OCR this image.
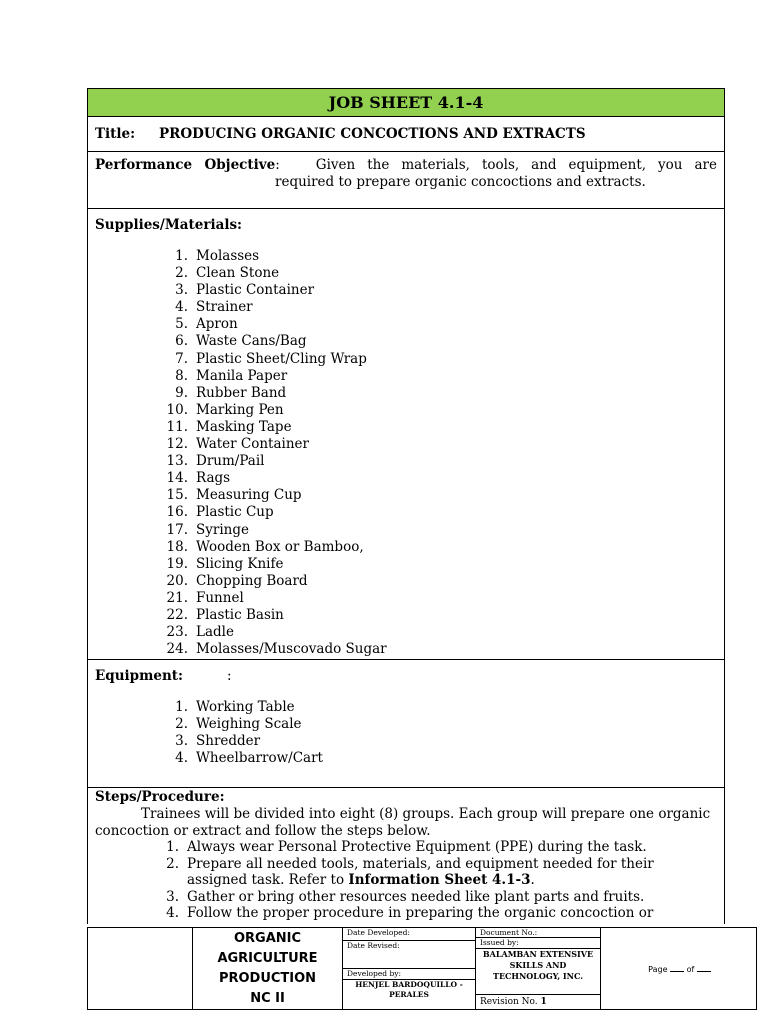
JOB SHEET 4.1-4
Title: PRODUCING ORGANIC CONCOCTIONS AND EXTRACTS
Performance Objective:	Given the materials, tools, and equipment, you are
required to prepare organic concoctions and extracts.
Supplies/Materials:
1. Molasses
2. Clean Stone
3. Plastic Container
4. Strainer
5. Apron
6. Waste Cans/Bag
7. Plastic Sheet/Cling Wrap
8. Manila Paper
9. Rubber Band
10. Marking Pen
11. Masking Tape
12. Water Container
13. Drum/Pail
14. Rags
15. Measuring Cup
16. Plastic Cup
17. Syringe
18. Wooden Box or Bamboo,
19. Slicing Knife
20. Chopping Board
21. Funnel
22. Plastic Basin
23. Ladle
24. Molasses/Muscovado Sugar
Equipment:	:
1. Working Table
2. Weighing Scale
3. Shredder
4. Wheelbarrow/Cart
Steps/Procedure:
Trainees will be divided into eight (8) groups. Each group will prepare one organic concoction or extract and follow the steps below.
1. Always wear Personal Protective Equipment (PPE) during the task.
2. Prepare all needed tools, materials, and equipment needed for their assigned task. Refer to Information Sheet 4.1-3.
3. Gather or bring other resources needed like plant parts and fruits.
4. Follow the proper procedure in preparing the organic concoction or
ORGANIC
AGRICULTURE
PRODUCTION
NC II
Date Developed:
Date Revised:
Developed by:
HENJEL BARDOQUILLO - PERALES
Document No.:
Issued by:
BALAMBAN EXTENSIVE SKILLS AND TECHNOLOGY, INC.
Revision No. 1
Page of
